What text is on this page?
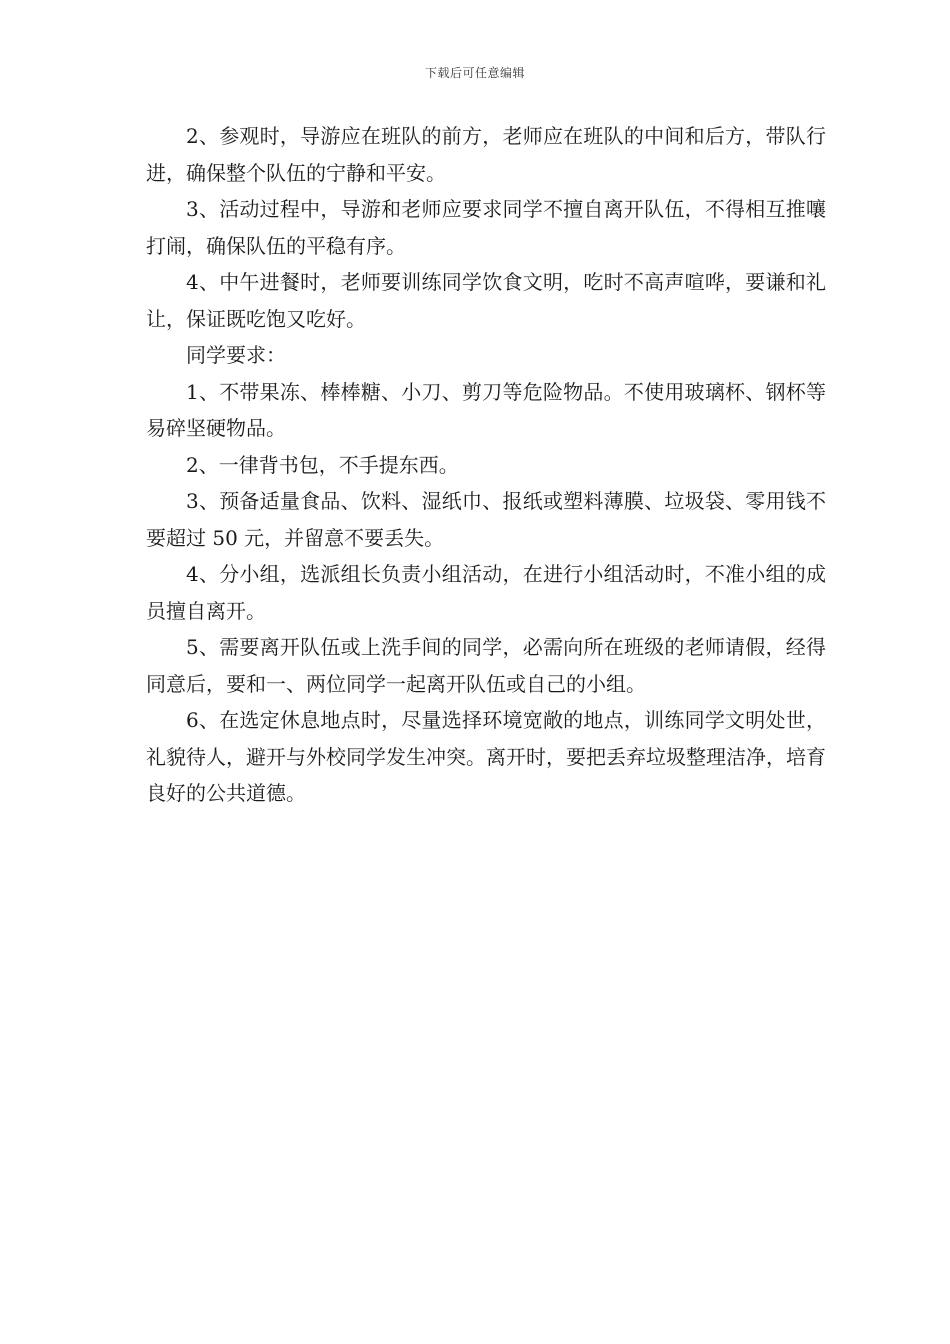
下载后可任意编辑

2、参观时，导游应在班队的前方，老师应在班队的中间和后方，带队行进，确保整个队伍的宁静和平安。

3、活动过程中，导游和老师应要求同学不擅自离开队伍，不得相互推嚷打闹，确保队伍的平稳有序。

4、中午进餐时，老师要训练同学饮食文明，吃时不高声喧哗，要谦和礼让，保证既吃饱又吃好。

同学要求：

1、不带果冻、棒棒糖、小刀、剪刀等危险物品。不使用玻璃杯、钢杯等易碎坚硬物品。

2、一律背书包，不手提东西。

3、预备适量食品、饮料、湿纸巾、报纸或塑料薄膜、垃圾袋、零用钱不要超过 50 元，并留意不要丢失。

4、分小组，选派组长负责小组活动，在进行小组活动时，不准小组的成员擅自离开。

5、需要离开队伍或上洗手间的同学，必需向所在班级的老师请假，经得同意后，要和一、两位同学一起离开队伍或自己的小组。

6、在选定休息地点时，尽量选择环境宽敞的地点，训练同学文明处世，礼貌待人，避开与外校同学发生冲突。离开时，要把丢弃垃圾整理洁净，培育良好的公共道德。
